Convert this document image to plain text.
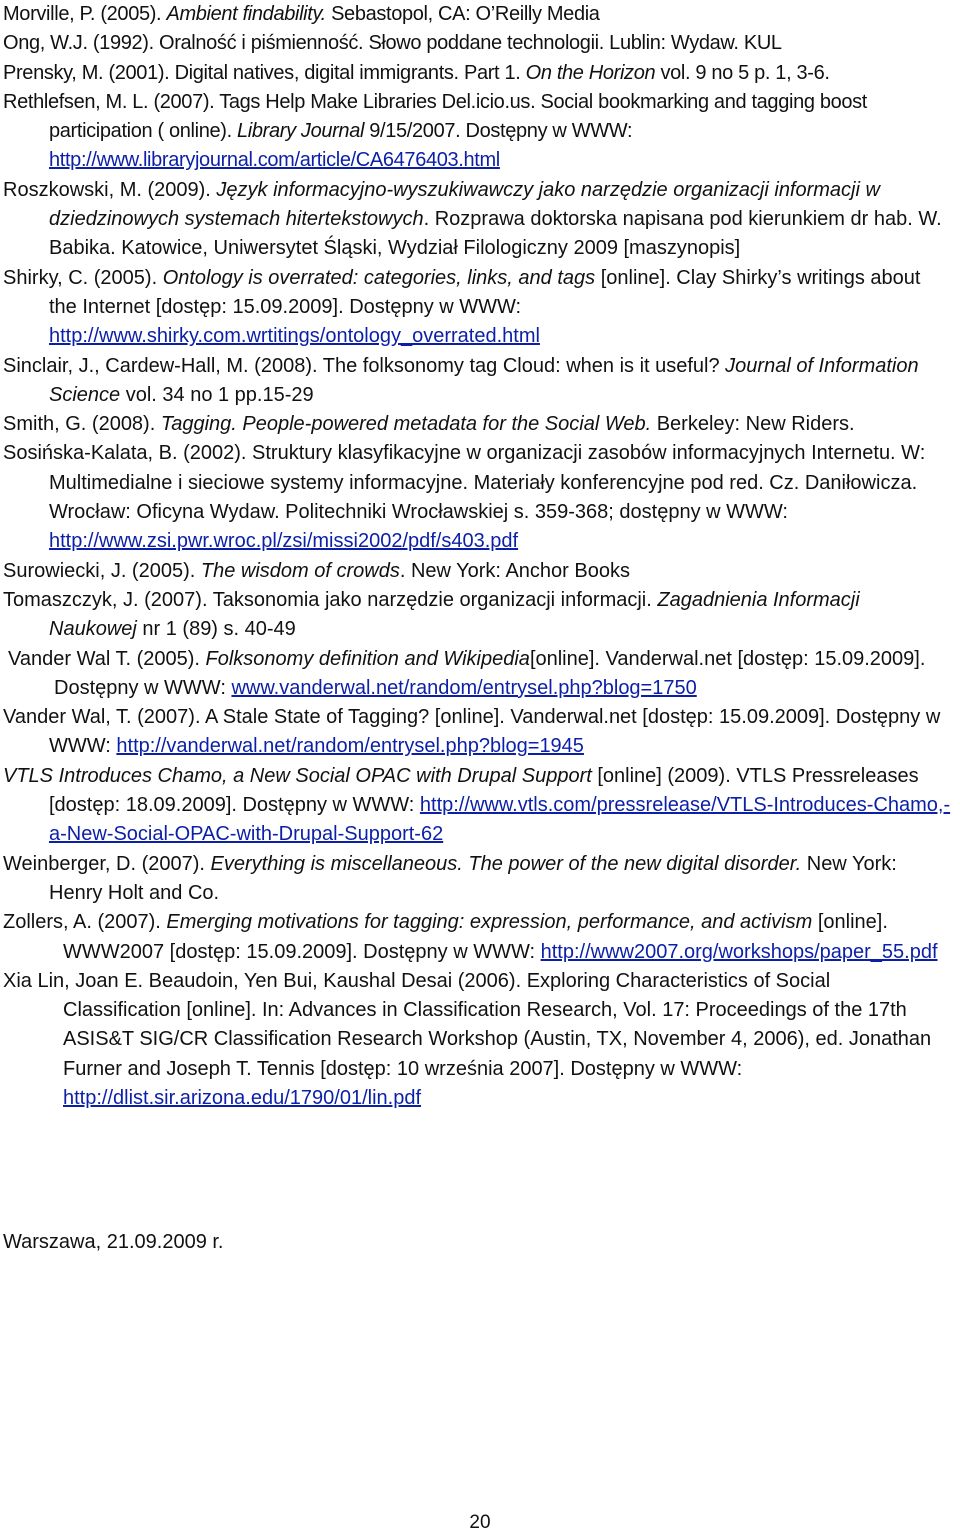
Morville, P. (2005). Ambient findability. Sebastopol, CA: O’Reilly Media
Ong, W.J. (1992). Oralność i piśmienność. Słowo poddane technologii. Lublin: Wydaw. KUL
Prensky, M. (2001). Digital natives, digital immigrants. Part 1. On the Horizon vol. 9 no 5 p. 1, 3-6.
Rethlefsen, M. L. (2007). Tags Help Make Libraries Del.icio.us. Social bookmarking and tagging boost participation ( online). Library Journal 9/15/2007. Dostępny w WWW: http://www.libraryjournal.com/article/CA6476403.html
Roszkowski, M. (2009). Język informacyjno-wyszukiwawczy jako narzędzie organizacji informacji w dziedzinowych systemach hitertekstowych. Rozprawa doktorska napisana pod kierunkiem dr hab. W. Babika. Katowice, Uniwersytet Śląski, Wydział Filologiczny 2009 [maszynopis]
Shirky, C. (2005). Ontology is overrated: categories, links, and tags [online]. Clay Shirky’s writings about the Internet [dostęp: 15.09.2009]. Dostępny w WWW: http://www.shirky.com.wrtitings/ontology_overrated.html
Sinclair, J., Cardew-Hall, M. (2008). The folksonomy tag Cloud: when is it useful? Journal of Information Science vol. 34 no 1 pp.15-29
Smith, G. (2008). Tagging. People-powered metadata for the Social Web. Berkeley: New Riders.
Sosińska-Kalata, B. (2002). Struktury klasyfikacyjne w organizacji zasobów informacyjnych Internetu. W: Multimedialne i sieciowe systemy informacyjne. Materiały konferencyjne pod red. Cz. Daniłowicza. Wrocław: Oficyna Wydaw. Politechniki Wrocławskiej s. 359-368; dostępny w WWW: http://www.zsi.pwr.wroc.pl/zsi/missi2002/pdf/s403.pdf
Surowiecki, J. (2005). The wisdom of crowds. New York: Anchor Books
Tomaszczyk, J. (2007). Taksonomia jako narzędzie organizacji informacji. Zagadnienia Informacji Naukowej nr 1 (89) s. 40-49
Vander Wal T. (2005). Folksonomy definition and Wikipedia[online]. Vanderwal.net [dostęp: 15.09.2009]. Dostępny w WWW: www.vanderwal.net/random/entrysel.php?blog=1750
Vander Wal, T. (2007). A Stale State of Tagging? [online]. Vanderwal.net [dostęp: 15.09.2009]. Dostępny w WWW: http://vanderwal.net/random/entrysel.php?blog=1945
VTLS Introduces Chamo, a New Social OPAC with Drupal Support [online] (2009). VTLS Pressreleases [dostęp: 18.09.2009]. Dostępny w WWW: http://www.vtls.com/pressrelease/VTLS-Introduces-Chamo,-a-New-Social-OPAC-with-Drupal-Support-62
Weinberger, D. (2007). Everything is miscellaneous. The power of the new digital disorder. New York: Henry Holt and Co.
Zollers, A. (2007). Emerging motivations for tagging: expression, performance, and activism [online]. WWW2007 [dostęp: 15.09.2009]. Dostępny w WWW: http://www2007.org/workshops/paper_55.pdf
Xia Lin, Joan E. Beaudoin, Yen Bui, Kaushal Desai (2006). Exploring Characteristics of Social Classification [online]. In: Advances in Classification Research, Vol. 17: Proceedings of the 17th ASIS&T SIG/CR Classification Research Workshop (Austin, TX, November 4, 2006), ed. Jonathan Furner and Joseph T. Tennis [dostęp: 10 września 2007]. Dostępny w WWW: http://dlist.sir.arizona.edu/1790/01/lin.pdf
Warszawa, 21.09.2009 r.
20
